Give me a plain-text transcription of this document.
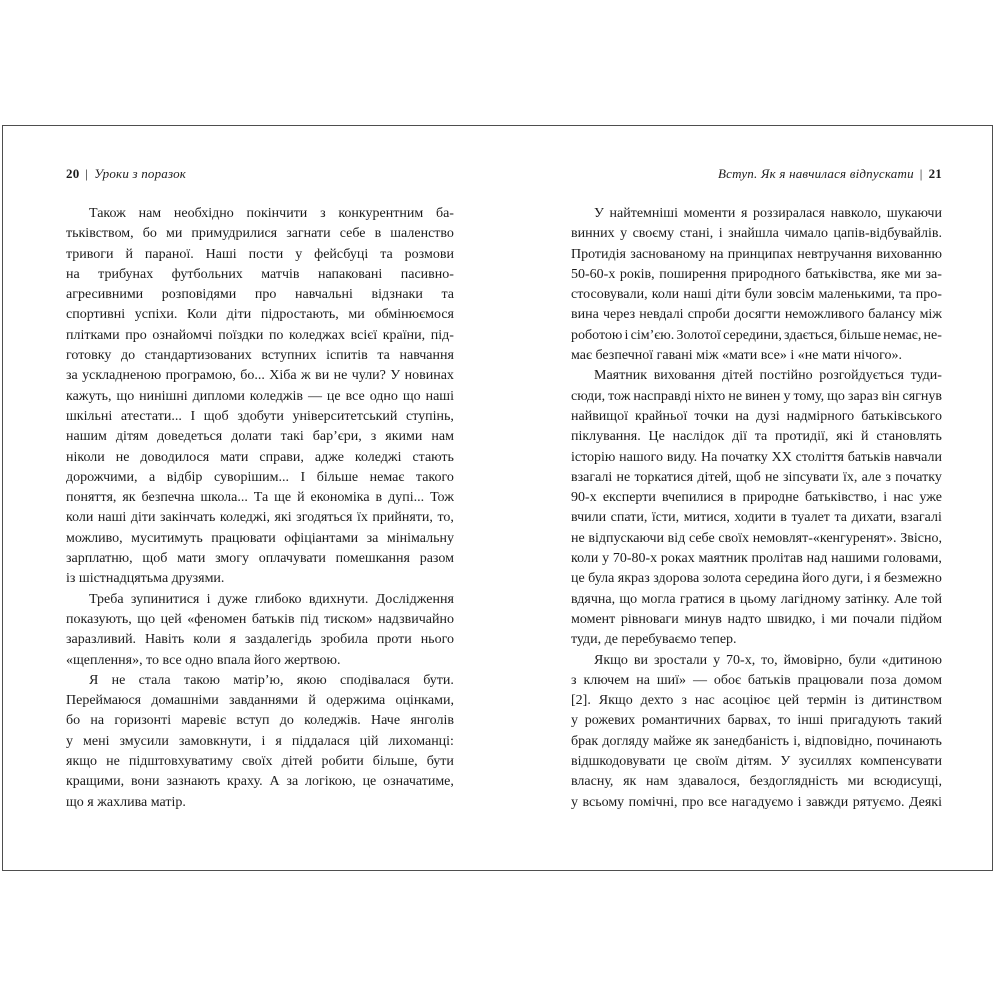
20 | Уроки з поразок
Також нам необхідно покінчити з конкурентним ба-
тьківством, бо ми примудрилися загнати себе в шаленство
тривоги й параної. Наші пости у фейсбуці та розмови
на трибунах футбольних матчів напаковані пасивно-
агресивними розповідями про навчальні відзнаки та
спортивні успіхи. Коли діти підростають, ми обмінюємося
плітками про ознайомчі поїздки по коледжах всієї країни, під-
готовку до стандартизованих вступних іспитів та навчання
за ускладненою програмою, бо... Хіба ж ви не чули? У новинах
кажуть, що нинішні дипломи коледжів — це все одно що наші
шкільні атестати... І щоб здобути університетський ступінь,
нашим дітям доведеться долати такі бар’єри, з якими нам
ніколи не доводилося мати справи, адже коледжі стають
дорожчими, а відбір суворішим... І більше немає такого
поняття, як безпечна школа... Та ще й економіка в дупі... Тож
коли наші діти закінчать коледжі, які згодяться їх прийняти, то,
можливо, муситимуть працювати офіціантами за мінімальну
зарплатню, щоб мати змогу оплачувати помешкання разом
із шістнадцятьма друзями.
Треба зупинитися і дуже глибоко вдихнути. Дослідження
показують, що цей «феномен батьків під тиском» надзвичайно
заразливий. Навіть коли я заздалегідь зробила проти нього
«щеплення», то все одно впала його жертвою.
Я не стала такою матір’ю, якою сподівалася бути.
Переймаюся домашніми завданнями й одержима оцінками,
бо на горизонті маревіє вступ до коледжів. Наче янголів
у мені змусили замовкнути, і я піддалася цій лихоманці:
якщо не підштовхуватиму своїх дітей робити більше, бути
кращими, вони зазнають краху. А за логікою, це означатиме,
що я жахлива матір.
Вступ. Як я навчилася відпускати | 21
У найтемніші моменти я роззиралася навколо, шукаючи
винних у своєму стані, і знайшла чимало цапів-відбувайлів.
Протидія заснованому на принципах невтручання вихованню
50-60-х років, поширення природного батьківства, яке ми за-
стосовували, коли наші діти були зовсім маленькими, та про-
вина через невдалі спроби досягти неможливого балансу між
роботою і сім’єю. Золотої середини, здається, більше немає, не-
має безпечної гавані між «мати все» і «не мати нічого».
Маятник виховання дітей постійно розгойдується туди-
сюди, тож насправді ніхто не винен у тому, що зараз він сягнув
найвищої крайньої точки на дузі надмірного батьківського
піклування. Це наслідок дії та протидії, які й становлять
історію нашого виду. На початку XX століття батьків навчали
взагалі не торкатися дітей, щоб не зіпсувати їх, але з початку
90-х експерти вчепилися в природне батьківство, і нас уже
вчили спати, їсти, митися, ходити в туалет та дихати, взагалі
не відпускаючи від себе своїх немовлят-«кенгуренят». Звісно,
коли у 70-80-х роках маятник пролітав над нашими головами,
це була якраз здорова золота середина його дуги, і я безмежно
вдячна, що могла гратися в цьому лагідному затінку. Але той
момент рівноваги минув надто швидко, і ми почали підйом
туди, де перебуваємо тепер.
Якщо ви зростали у 70-х, то, ймовірно, були «дитиною
з ключем на шиї» — обоє батьків працювали поза домом
[2]. Якщо дехто з нас асоціює цей термін із дитинством
у рожевих романтичних барвах, то інші пригадують такий
брак догляду майже як занедбаність і, відповідно, починають
відшкодовувати це своїм дітям. У зусиллях компенсувати
власну, як нам здавалося, бездоглядність ми всюдисущі,
у всьому помічні, про все нагадуємо і завжди рятуємо. Деякі
